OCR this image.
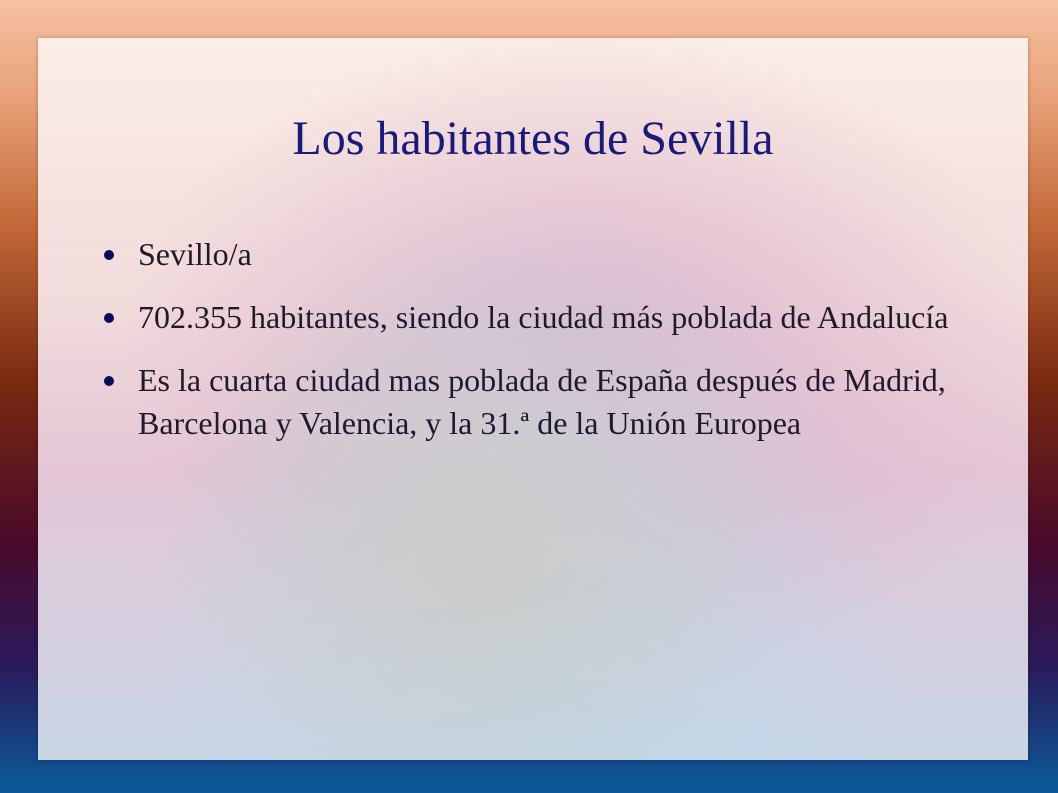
Los habitantes de Sevilla
Sevillo/a
702.355 habitantes, siendo la ciudad más poblada de Andalucía
Es la cuarta ciudad mas poblada de España después de Madrid, Barcelona y Valencia, y la 31.ª de la Unión Europea
